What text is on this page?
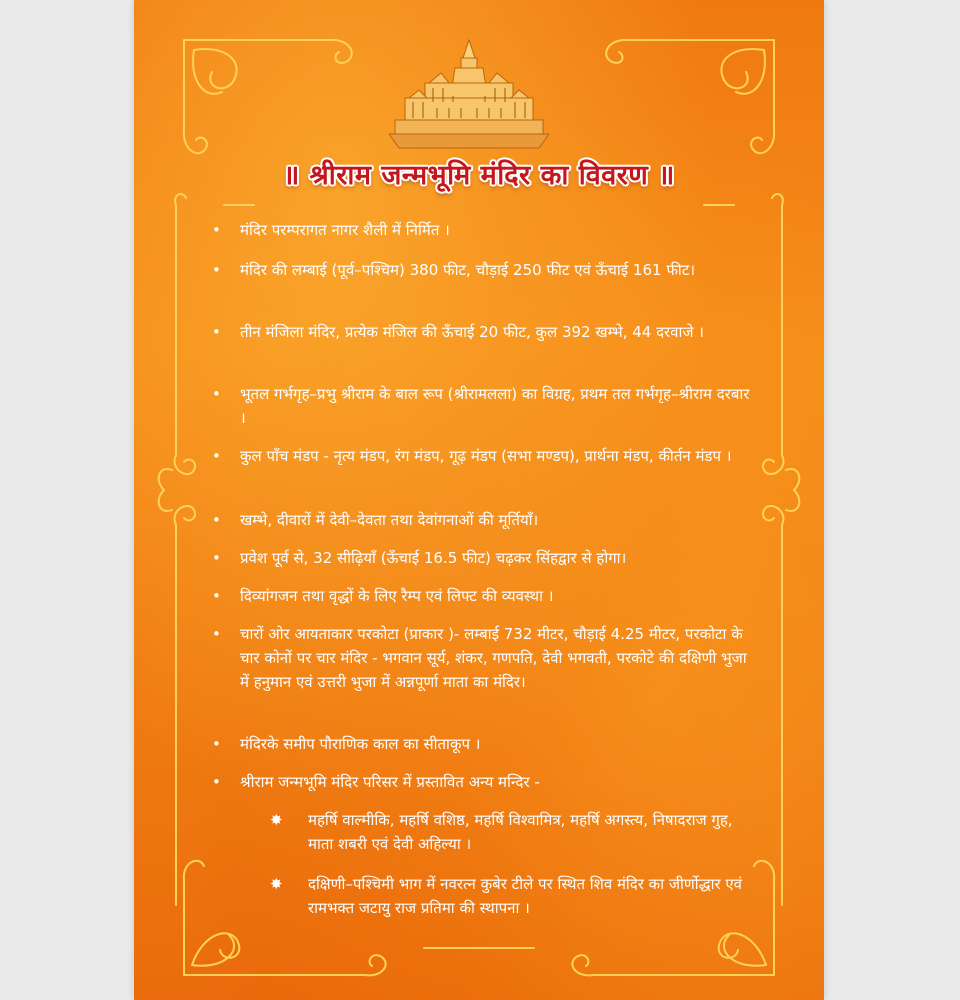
॥ श्रीराम जन्मभूमि मंदिर का विवरण ॥
• मंदिर परम्परागत नागर शैली में निर्मित ।
• मंदिर की लम्बाई (पूर्व–पश्चिम) 380 फीट, चौड़ाई 250 फीट एवं ऊँचाई 161 फीट।
• तीन मंजिला मंदिर, प्रत्येक मंजिल की ऊँचाई 20 फीट, कुल 392 खम्भे, 44 दरवाजे ।
• भूतल गर्भगृह–प्रभु श्रीराम के बाल रूप (श्रीरामलला) का विग्रह, प्रथम तल गर्भगृह–श्रीराम दरबार ।
• कुल पाँच मंडप - नृत्य मंडप, रंग मंडप, गूढ़ मंडप (सभा मण्डप), प्रार्थना मंडप, कीर्तन मंडप ।
• खम्भे, दीवारों में देवी–देवता तथा देवांगनाओं की मूर्तियाँ।
• प्रवेश पूर्व से, 32 सीढ़ियाँ (ऊँचाई 16.5 फीट) चढ़कर सिंहद्वार से होगा।
• दिव्यांगजन तथा वृद्धों के लिए रैम्प एवं लिफ्ट की व्यवस्था ।
• चारों ओर आयताकार परकोटा (प्राकार )- लम्बाई 732 मीटर, चौड़ाई 4.25 मीटर, परकोटा के चार कोनों पर चार मंदिर - भगवान सूर्य, शंकर, गणपति, देवी भगवती, परकोटे की दक्षिणी भुजा में हनुमान एवं उत्तरी भुजा में अन्नपूर्णा माता का मंदिर।
• मंदिरके समीप पौराणिक काल का सीताकूप ।
• श्रीराम जन्मभूमि मंदिर परिसर में प्रस्तावित अन्य मन्दिर -
✸ महर्षि वाल्मीकि, महर्षि वशिष्ठ, महर्षि विश्वामित्र, महर्षि अगस्त्य, निषादराज गुह, माता शबरी एवं देवी अहिल्या ।
✸ दक्षिणी–पश्चिमी भाग में नवरत्न कुबेर टीले पर स्थित शिव मंदिर का जीर्णोद्धार एवं रामभक्त जटायु राज प्रतिमा की स्थापना ।
